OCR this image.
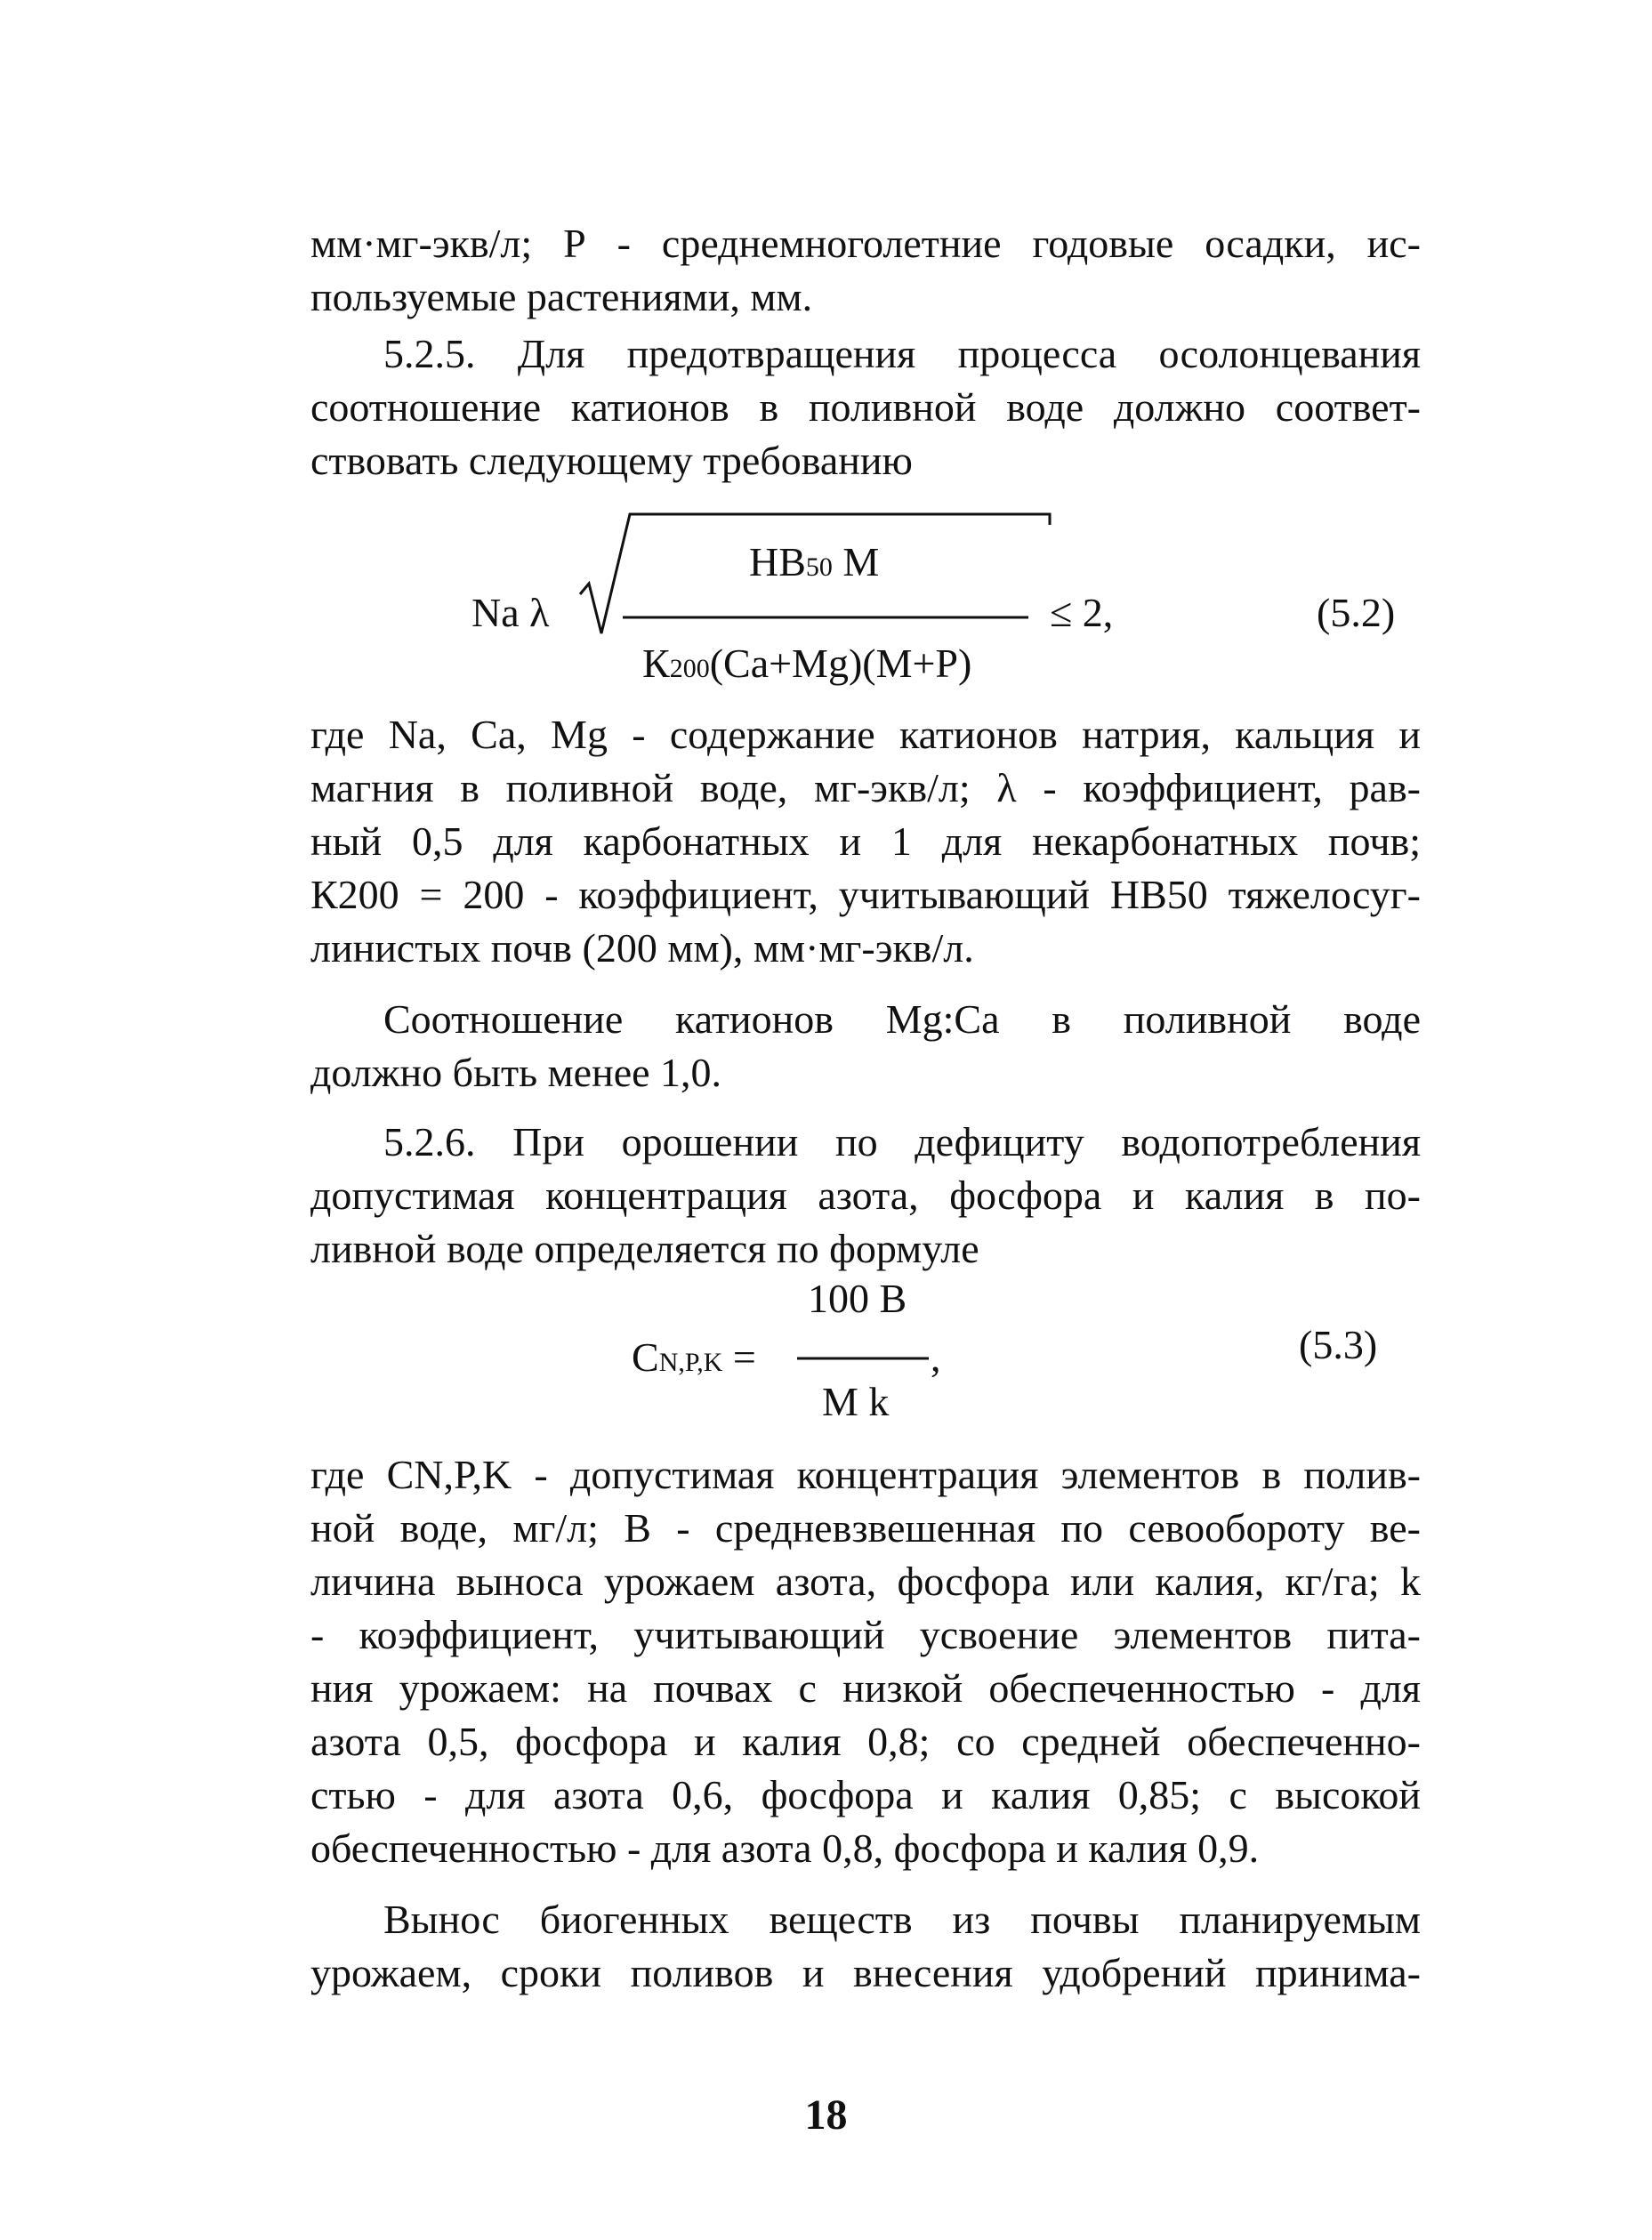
мм·мг-экв/л; Р - среднемноголетние годовые осадки, ис-
пользуемые растениями, мм.
5.2.5. Для предотвращения процесса осолонцевания
соотношение катионов в поливной воде должно соответ-
ствовать следующему требованию
Na λ
НВ50 M
К200(Ca+Mg)(M+P)
≤ 2,	(5.2)
где Na, Ca, Mg - содержание катионов натрия, кальция и
магния в поливной воде, мг-экв/л; λ - коэффициент, рав-
ный 0,5 для карбонатных и 1 для некарбонатных почв;
К200 = 200 - коэффициент, учитывающий НВ50 тяжелосуг-
линистых почв (200 мм), мм·мг-экв/л.
Соотношение катионов Mg:Ca в поливной воде
должно быть менее 1,0.
5.2.6. При орошении по дефициту водопотребления
допустимая концентрация азота, фосфора и калия в по-
ливной воде определяется по формуле
100 В
CN,P,K =	,
M k
(5.3)
где CN,P,K - допустимая концентрация элементов в полив-
ной воде, мг/л; В - средневзвешенная по севообороту ве-
личина выноса урожаем азота, фосфора или калия, кг/га; k
- коэффициент, учитывающий усвоение элементов пита-
ния урожаем: на почвах с низкой обеспеченностью - для
азота 0,5, фосфора и калия 0,8; со средней обеспеченно-
стью - для азота 0,6, фосфора и калия 0,85; с высокой
обеспеченностью - для азота 0,8, фосфора и калия 0,9.
Вынос биогенных веществ из почвы планируемым
урожаем, сроки поливов и внесения удобрений принима-
18
